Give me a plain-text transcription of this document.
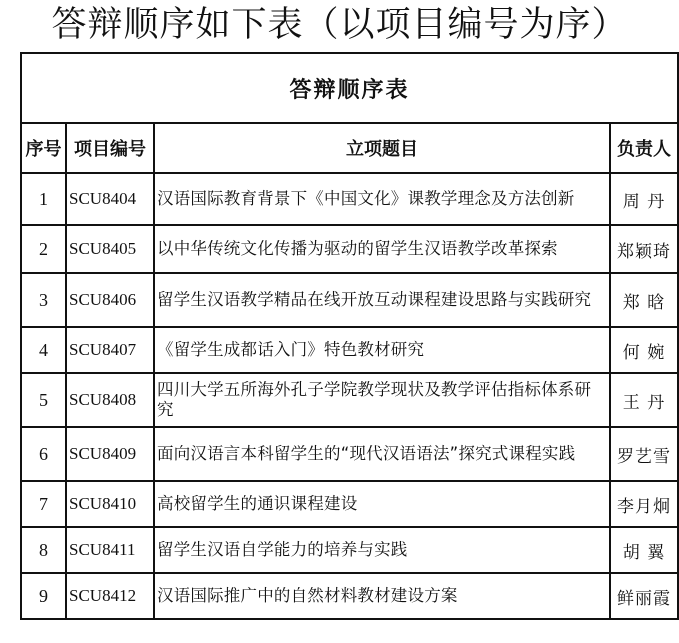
答辩顺序如下表（以项目编号为序）
答辩顺序表			
序号	项目编号	立项题目	负责人
1	SCU8404	汉语国际教育背景下《中国文化》课教学理念及方法创新	周 丹
2	SCU8405	以中华传统文化传播为驱动的留学生汉语教学改革探索	郑颖琦
3	SCU8406	留学生汉语教学精品在线开放互动课程建设思路与实践研究	郑 晗
4	SCU8407	《留学生成都话入门》特色教材研究	何 婉
5	SCU8408	四川大学五所海外孔子学院教学现状及教学评估指标体系研究	王 丹
6	SCU8409	面向汉语言本科留学生的“现代汉语语法”探究式课程实践	罗艺雪
7	SCU8410	高校留学生的通识课程建设	李月炯
8	SCU8411	留学生汉语自学能力的培养与实践	胡 翼
9	SCU8412	汉语国际推广中的自然材料教材建设方案	鲜丽霞
